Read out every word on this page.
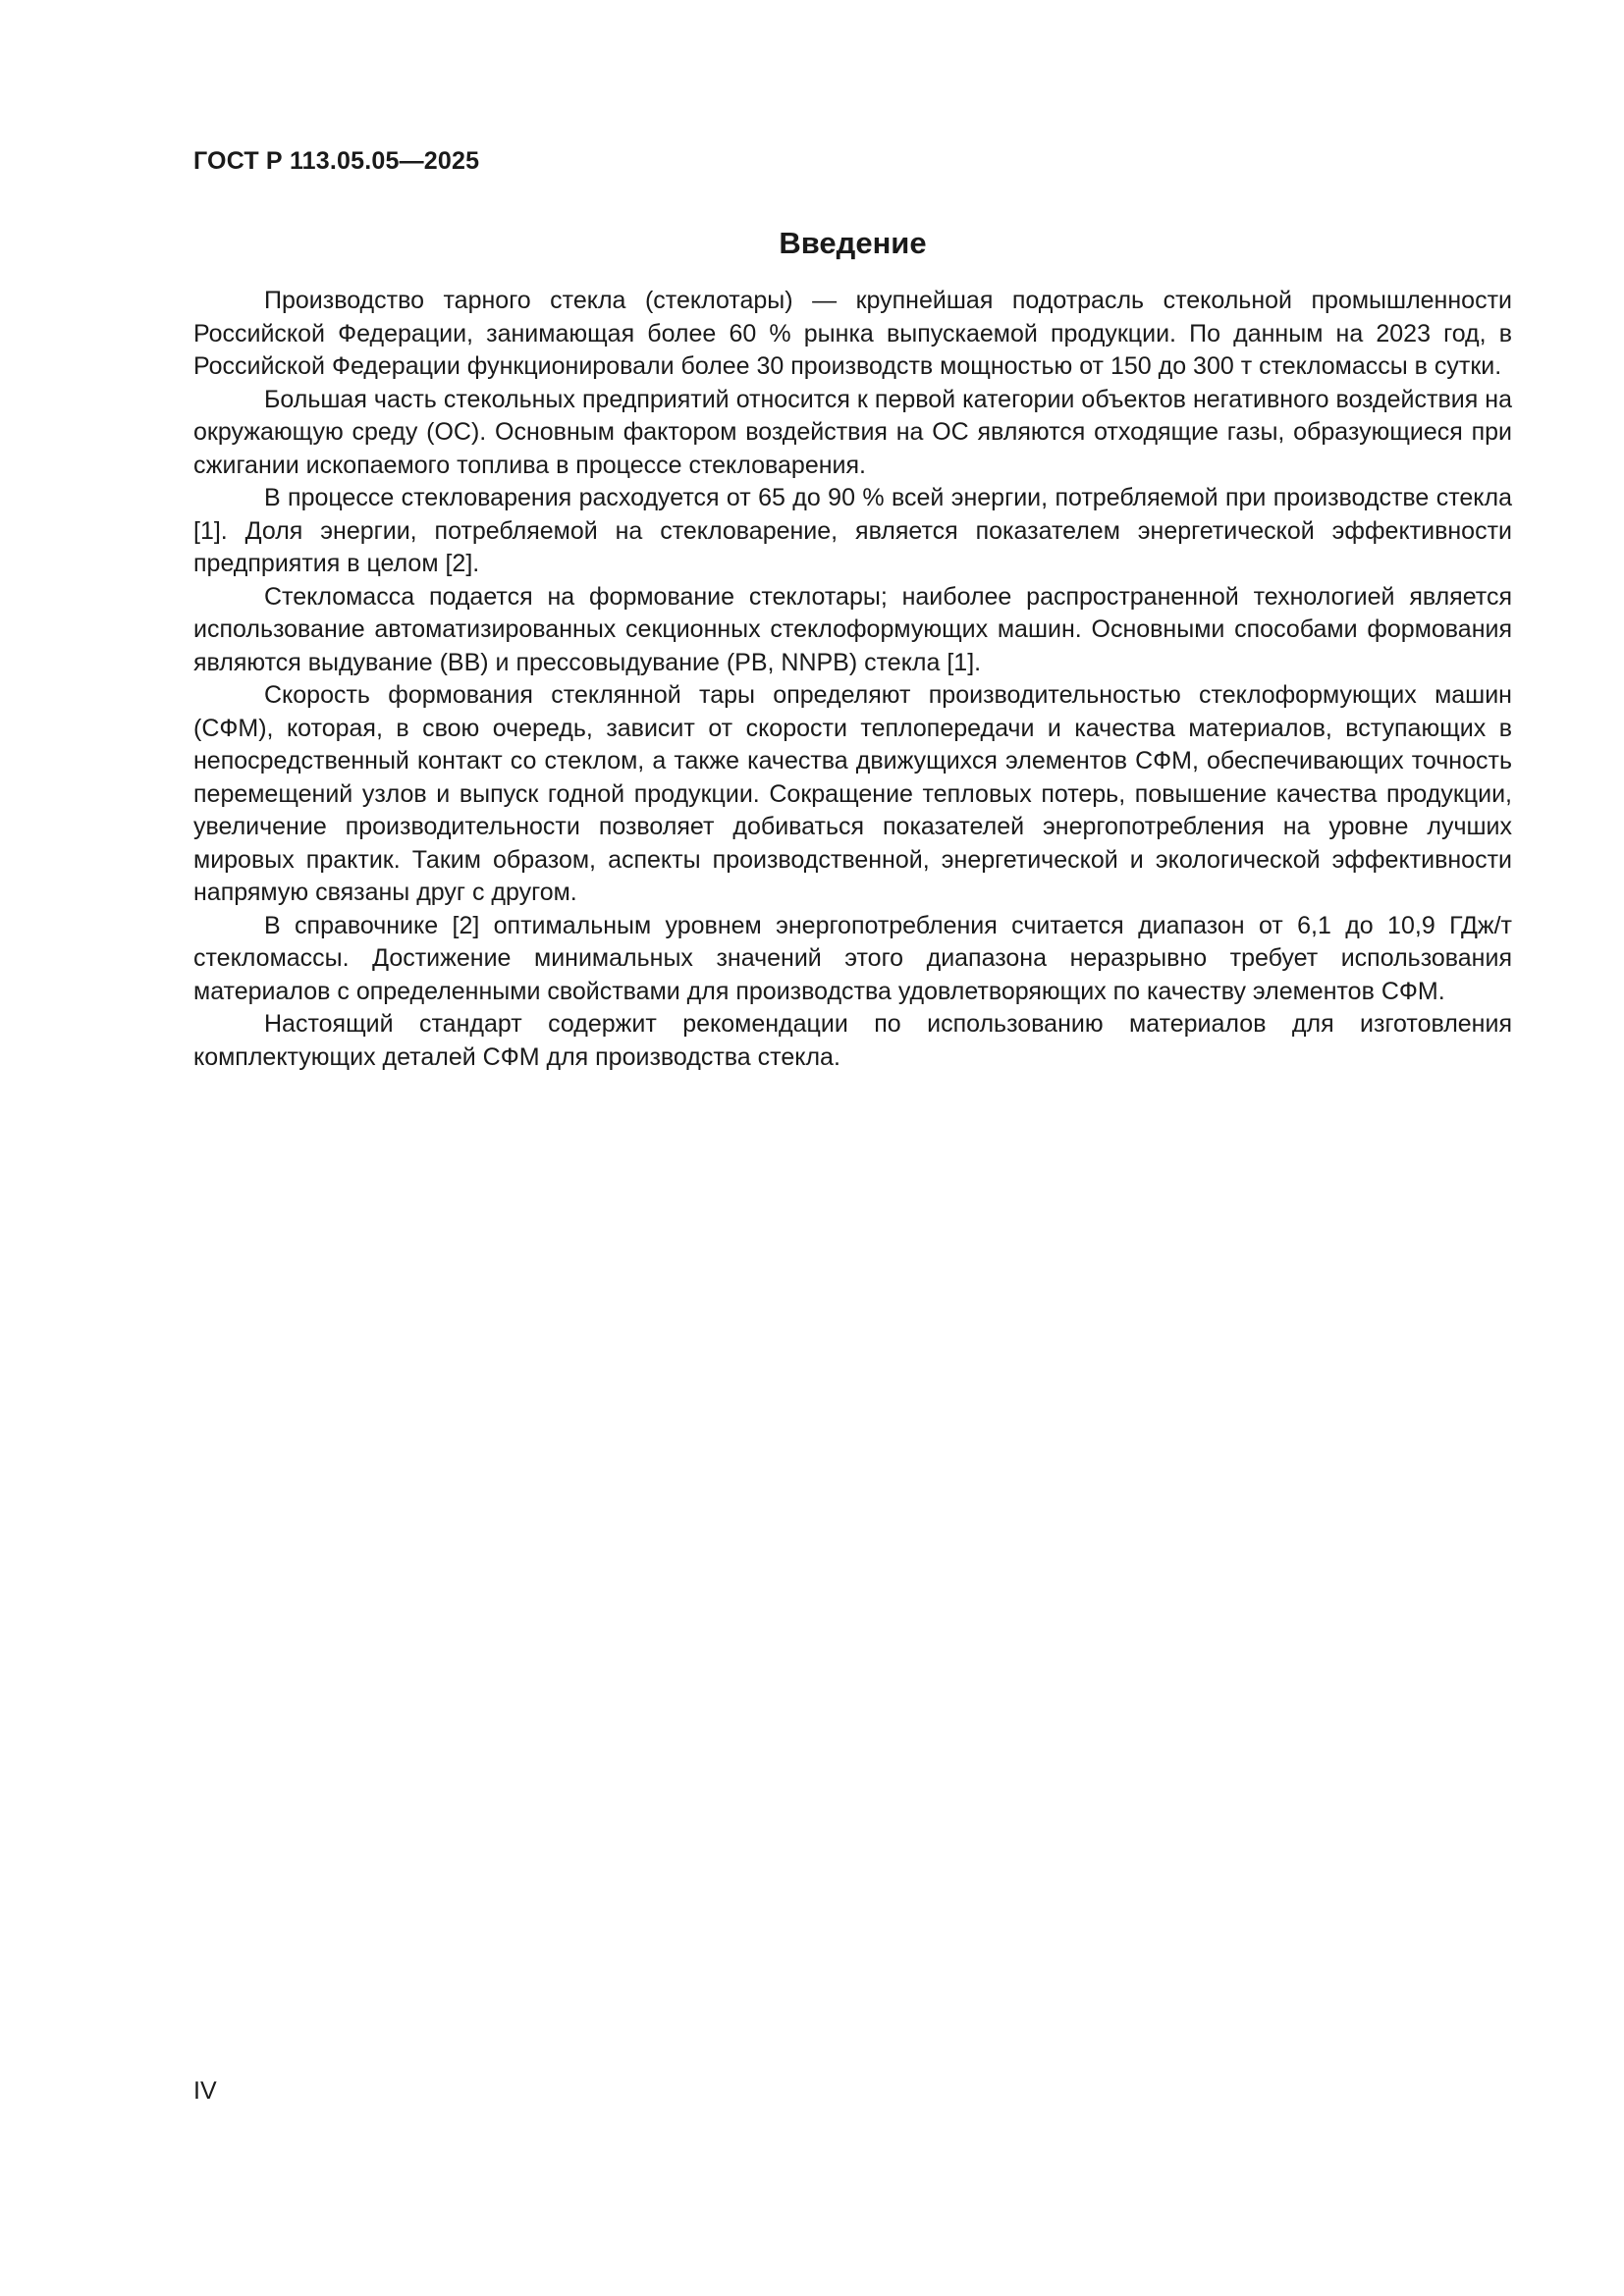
ГОСТ Р 113.05.05—2025
Введение

Производство тарного стекла (стеклотары) — крупнейшая подотрасль стекольной промышленности Российской Федерации, занимающая более 60 % рынка выпускаемой продукции. По данным на 2023 год, в Российской Федерации функционировали более 30 производств мощностью от 150 до 300 т стекломассы в сутки.

Большая часть стекольных предприятий относится к первой категории объектов негативного воздействия на окружающую среду (ОС). Основным фактором воздействия на ОС являются отходящие газы, образующиеся при сжигании ископаемого топлива в процессе стекловарения.

В процессе стекловарения расходуется от 65 до 90 % всей энергии, потребляемой при производстве стекла [1]. Доля энергии, потребляемой на стекловарение, является показателем энергетической эффективности предприятия в целом [2].

Стекломасса подается на формование стеклотары; наиболее распространенной технологией является использование автоматизированных секционных стеклоформующих машин. Основными способами формования являются выдувание (BB) и прессовыдувание (PB, NNPB) стекла [1].

Скорость формования стеклянной тары определяют производительностью стеклоформующих машин (СФМ), которая, в свою очередь, зависит от скорости теплопередачи и качества материалов, вступающих в непосредственный контакт со стеклом, а также качества движущихся элементов СФМ, обеспечивающих точность перемещений узлов и выпуск годной продукции. Сокращение тепловых потерь, повышение качества продукции, увеличение производительности позволяет добиваться показателей энергопотребления на уровне лучших мировых практик. Таким образом, аспекты производственной, энергетической и экологической эффективности напрямую связаны друг с другом.

В справочнике [2] оптимальным уровнем энергопотребления считается диапазон от 6,1 до 10,9 ГДж/т стекломассы. Достижение минимальных значений этого диапазона неразрывно требует использования материалов с определенными свойствами для производства удовлетворяющих по качеству элементов СФМ.

Настоящий стандарт содержит рекомендации по использованию материалов для изготовления комплектующих деталей СФМ для производства стекла.

IV
